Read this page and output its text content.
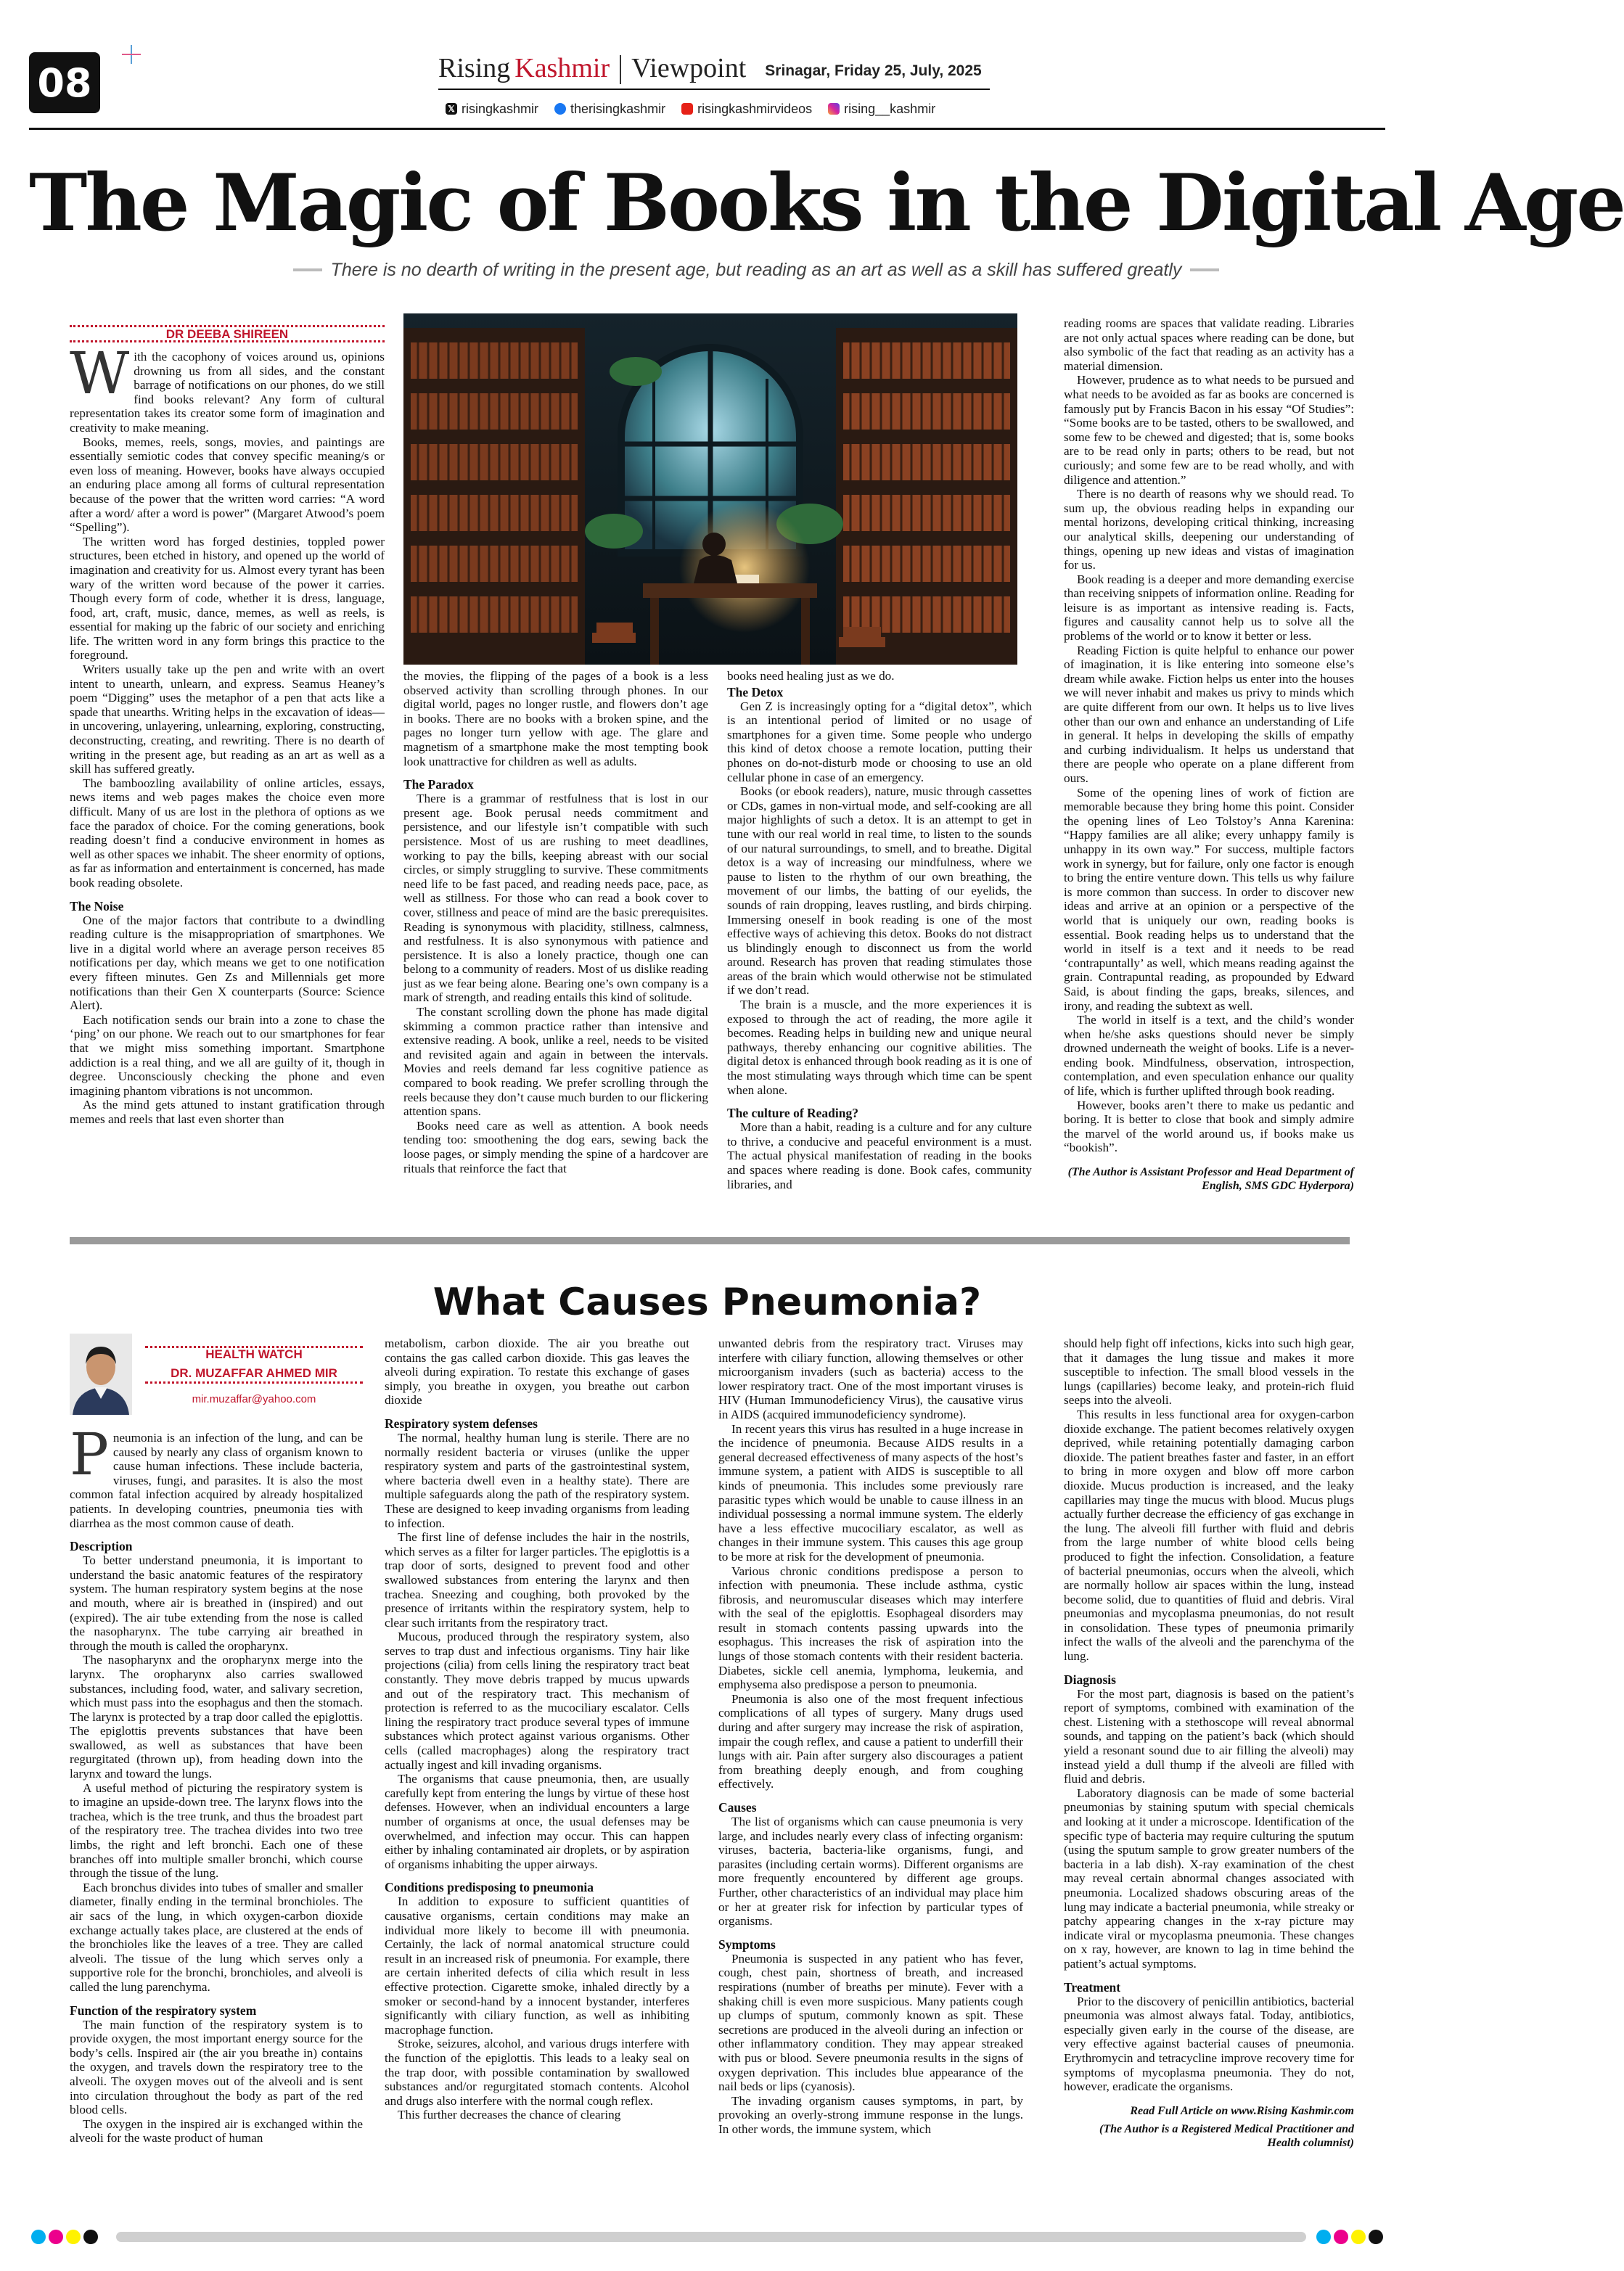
08	Rising Kashmir Viewpoint Srinagar, Friday 25, July, 2025
𝕏 risingkashmir therisingkashmir risingkashmirvideos rising__kashmir
The Magic of Books in the Digital Age
There is no dearth of writing in the present age, but reading as an art as well as a skill has suffered greatly
DR DEEBA SHIREEN

With the cacophony of voices around us, opinions drowning us from all sides, and the constant barrage of notifications on our phones, do we still find books relevant? Any form of cultural representation takes its creator some form of imagination and creativity to make meaning.

Books, memes, reels, songs, movies, and paintings are essentially semiotic codes that convey specific meaning/s or even loss of meaning. However, books have always occupied an enduring place among all forms of cultural representation because of the power that the written word carries: “A word after a word/ after a word is power” (Margaret Atwood’s poem “Spelling”).

The written word has forged destinies, toppled power structures, been etched in history, and opened up the world of imagination and creativity for us. Almost every tyrant has been wary of the written word because of the power it carries. Though every form of code, whether it is dress, language, food, art, craft, music, dance, memes, as well as reels, is essential for making up the fabric of our society and enriching life. The written word in any form brings this practice to the foreground.

Writers usually take up the pen and write with an overt intent to unearth, unlearn, and express. Seamus Heaney’s poem “Digging” uses the metaphor of a pen that acts like a spade that unearths. Writing helps in the excavation of ideas—in uncovering, unlayering, unlearning, exploring, constructing, deconstructing, creating, and rewriting. There is no dearth of writing in the present age, but reading as an art as well as a skill has suffered greatly.

The bamboozling availability of online articles, essays, news items and web pages makes the choice even more difficult. Many of us are lost in the plethora of options as we face the paradox of choice. For the coming generations, book reading doesn’t find a conducive environment in homes as well as other spaces we inhabit. The sheer enormity of options, as far as information and entertainment is concerned, has made book reading obsolete.

The Noise

One of the major factors that contribute to a dwindling reading culture is the misappropriation of smartphones. We live in a digital world where an average person receives 85 notifications per day, which means we get to one notification every fifteen minutes. Gen Zs and Millennials get more notifications than their Gen X counterparts (Source: Science Alert).

Each notification sends our brain into a zone to chase the ‘ping’ on our phone. We reach out to our smartphones for fear that we might miss something important. Smartphone addiction is a real thing, and we all are guilty of it, though in degree. Unconsciously checking the phone and even imagining phantom vibrations is not uncommon.

As the mind gets attuned to instant gratification through memes and reels that last even shorter than

the movies, the flipping of the pages of a book is a less observed activity than scrolling through phones. In our digital world, pages no longer rustle, and flowers don’t age in books. There are no books with a broken spine, and the pages no longer turn yellow with age. The glare and magnetism of a smartphone make the most tempting book look unattractive for children as well as adults.

The Paradox

There is a grammar of restfulness that is lost in our present age. Book perusal needs commitment and persistence, and our lifestyle isn’t compatible with such persistence. Most of us are rushing to meet deadlines, working to pay the bills, keeping abreast with our social circles, or simply struggling to survive. These commitments need life to be fast paced, and reading needs pace, pace, as well as stillness. For those who can read a book cover to cover, stillness and peace of mind are the basic prerequisites. Reading is synonymous with placidity, stillness, calmness, and restfulness. It is also synonymous with patience and persistence. It is also a lonely practice, though one can belong to a community of readers. Most of us dislike reading just as we fear being alone. Bearing one’s own company is a mark of strength, and reading entails this kind of solitude.

The constant scrolling down the phone has made digital skimming a common practice rather than intensive and extensive reading. A book, unlike a reel, needs to be visited and revisited again and again in between the intervals. Movies and reels demand far less cognitive patience as compared to book reading. We prefer scrolling through the reels because they don’t cause much burden to our flickering attention spans.

Books need care as well as attention. A book needs tending too: smoothening the dog ears, sewing back the loose pages, or simply mending the spine of a hardcover are rituals that reinforce the fact that

books need healing just as we do.

The Detox

Gen Z is increasingly opting for a “digital detox”, which is an intentional period of limited or no usage of smartphones for a given time. Some people who undergo this kind of detox choose a remote location, putting their phones on do-not-disturb mode or choosing to use an old cellular phone in case of an emergency.

Books (or ebook readers), nature, music through cassettes or CDs, games in non-virtual mode, and self-cooking are all major highlights of such a detox. It is an attempt to get in tune with our real world in real time, to listen to the sounds of our natural surroundings, to smell, and to breathe. Digital detox is a way of increasing our mindfulness, where we pause to listen to the rhythm of our own breathing, the movement of our limbs, the batting of our eyelids, the sounds of rain dropping, leaves rustling, and birds chirping. Immersing oneself in book reading is one of the most effective ways of achieving this detox. Books do not distract us blindingly enough to disconnect us from the world around. Research has proven that reading stimulates those areas of the brain which would otherwise not be stimulated if we don’t read.

The brain is a muscle, and the more experiences it is exposed to through the act of reading, the more agile it becomes. Reading helps in building new and unique neural pathways, thereby enhancing our cognitive abilities. The digital detox is enhanced through book reading as it is one of the most stimulating ways through which time can be spent when alone.

The culture of Reading?

More than a habit, reading is a culture and for any culture to thrive, a conducive and peaceful environment is a must. The actual physical manifestation of reading in the books and spaces where reading is done. Book cafes, community libraries, and

reading rooms are spaces that validate reading. Libraries are not only actual spaces where reading can be done, but also symbolic of the fact that reading as an activity has a material dimension.

However, prudence as to what needs to be pursued and what needs to be avoided as far as books are concerned is famously put by Francis Bacon in his essay “Of Studies”: “Some books are to be tasted, others to be swallowed, and some few to be chewed and digested; that is, some books are to be read only in parts; others to be read, but not curiously; and some few are to be read wholly, and with diligence and attention.”

There is no dearth of reasons why we should read. To sum up, the obvious reading helps in expanding our mental horizons, developing critical thinking, increasing our analytical skills, deepening our understanding of things, opening up new ideas and vistas of imagination for us.

Book reading is a deeper and more demanding exercise than receiving snippets of information online. Reading for leisure is as important as intensive reading is. Facts, figures and causality cannot help us to solve all the problems of the world or to know it better or less.

Reading Fiction is quite helpful to enhance our power of imagination, it is like entering into someone else’s dream while awake. Fiction helps us enter into the houses we will never inhabit and makes us privy to minds which are quite different from our own. It helps us to live lives other than our own and enhance an understanding of Life in general. It helps in developing the skills of empathy and curbing individualism. It helps us understand that there are people who operate on a plane different from ours.

Some of the opening lines of work of fiction are memorable because they bring home this point. Consider the opening lines of Leo Tolstoy’s Anna Karenina: “Happy families are all alike; every unhappy family is unhappy in its own way.” For success, multiple factors work in synergy, but for failure, only one factor is enough to bring the entire venture down. This tells us why failure is more common than success. In order to discover new ideas and arrive at an opinion or a perspective of the world that is uniquely our own, reading books is essential. Book reading helps us to understand that the world in itself is a text and it needs to be read ‘contrapuntally’ as well, which means reading against the grain. Contrapuntal reading, as propounded by Edward Said, is about finding the gaps, breaks, silences, and irony, and reading the subtext as well.

The world in itself is a text, and the child’s wonder when he/she asks questions should never be simply drowned underneath the weight of books. Life is a never-ending book. Mindfulness, observation, introspection, contemplation, and even speculation enhance our quality of life, which is further uplifted through book reading.

However, books aren’t there to make us pedantic and boring. It is better to close that book and simply admire the marvel of the world around us, if books make us “bookish”.

(The Author is Assistant Professor and Head Department of English, SMS GDC Hyderpora)
What Causes Pneumonia?
HEALTH WATCH
DR. MUZAFFAR AHMED MIR
mir.muzaffar@yahoo.com

Pneumonia is an infection of the lung, and can be caused by nearly any class of organism known to cause human infections. These include bacteria, viruses, fungi, and parasites. It is also the most common fatal infection acquired by already hospitalized patients. In developing countries, pneumonia ties with diarrhea as the most common cause of death.

Description

To better understand pneumonia, it is important to understand the basic anatomic features of the respiratory system. The human respiratory system begins at the nose and mouth, where air is breathed in (inspired) and out (expired). The air tube extending from the nose is called the nasopharynx. The tube carrying air breathed in through the mouth is called the oropharynx.

The nasopharynx and the oropharynx merge into the larynx. The oropharynx also carries swallowed substances, including food, water, and salivary secretion, which must pass into the esophagus and then the stomach. The larynx is protected by a trap door called the epiglottis. The epiglottis prevents substances that have been swallowed, as well as substances that have been regurgitated (thrown up), from heading down into the larynx and toward the lungs.

A useful method of picturing the respiratory system is to imagine an upside-down tree. The larynx flows into the trachea, which is the tree trunk, and thus the broadest part of the respiratory tree. The trachea divides into two tree limbs, the right and left bronchi. Each one of these branches off into multiple smaller bronchi, which course through the tissue of the lung.

Each bronchus divides into tubes of smaller and smaller diameter, finally ending in the terminal bronchioles. The air sacs of the lung, in which oxygen-carbon dioxide exchange actually takes place, are clustered at the ends of the bronchioles like the leaves of a tree. They are called alveoli. The tissue of the lung which serves only a supportive role for the bronchi, bronchioles, and alveoli is called the lung parenchyma.

Function of the respiratory system

The main function of the respiratory system is to provide oxygen, the most important energy source for the body’s cells. Inspired air (the air you breathe in) contains the oxygen, and travels down the respiratory tree to the alveoli. The oxygen moves out of the alveoli and is sent into circulation throughout the body as part of the red blood cells.

The oxygen in the inspired air is exchanged within the alveoli for the waste product of human

metabolism, carbon dioxide. The air you breathe out contains the gas called carbon dioxide. This gas leaves the alveoli during expiration. To restate this exchange of gases simply, you breathe in oxygen, you breathe out carbon dioxide

Respiratory system defenses

The normal, healthy human lung is sterile. There are no normally resident bacteria or viruses (unlike the upper respiratory system and parts of the gastrointestinal system, where bacteria dwell even in a healthy state). There are multiple safeguards along the path of the respiratory system. These are designed to keep invading organisms from leading to infection.

The first line of defense includes the hair in the nostrils, which serves as a filter for larger particles. The epiglottis is a trap door of sorts, designed to prevent food and other swallowed substances from entering the larynx and then trachea. Sneezing and coughing, both provoked by the presence of irritants within the respiratory system, help to clear such irritants from the respiratory tract.

Mucous, produced through the respiratory system, also serves to trap dust and infectious organisms. Tiny hair like projections (cilia) from cells lining the respiratory tract beat constantly. They move debris trapped by mucus upwards and out of the respiratory tract. This mechanism of protection is referred to as the mucociliary escalator. Cells lining the respiratory tract produce several types of immune substances which protect against various organisms. Other cells (called macrophages) along the respiratory tract actually ingest and kill invading organisms.

The organisms that cause pneumonia, then, are usually carefully kept from entering the lungs by virtue of these host defenses. However, when an individual encounters a large number of organisms at once, the usual defenses may be overwhelmed, and infection may occur. This can happen either by inhaling contaminated air droplets, or by aspiration of organisms inhabiting the upper airways.

Conditions predisposing to pneumonia

In addition to exposure to sufficient quantities of causative organisms, certain conditions may make an individual more likely to become ill with pneumonia. Certainly, the lack of normal anatomical structure could result in an increased risk of pneumonia. For example, there are certain inherited defects of cilia which result in less effective protection. Cigarette smoke, inhaled directly by a smoker or second-hand by a innocent bystander, interferes significantly with ciliary function, as well as inhibiting macrophage function.

Stroke, seizures, alcohol, and various drugs interfere with the function of the epiglottis. This leads to a leaky seal on the trap door, with possible contamination by swallowed substances and/or regurgitated stomach contents. Alcohol and drugs also interfere with the normal cough reflex.

This further decreases the chance of clearing

unwanted debris from the respiratory tract. Viruses may interfere with ciliary function, allowing themselves or other microorganism invaders (such as bacteria) access to the lower respiratory tract. One of the most important viruses is HIV (Human Immunodeficiency Virus), the causative virus in AIDS (acquired immunodeficiency syndrome).

In recent years this virus has resulted in a huge increase in the incidence of pneumonia. Because AIDS results in a general decreased effectiveness of many aspects of the host’s immune system, a patient with AIDS is susceptible to all kinds of pneumonia. This includes some previously rare parasitic types which would be unable to cause illness in an individual possessing a normal immune system. The elderly have a less effective mucociliary escalator, as well as changes in their immune system. This causes this age group to be more at risk for the development of pneumonia.

Various chronic conditions predispose a person to infection with pneumonia. These include asthma, cystic fibrosis, and neuromuscular diseases which may interfere with the seal of the epiglottis. Esophageal disorders may result in stomach contents passing upwards into the esophagus. This increases the risk of aspiration into the lungs of those stomach contents with their resident bacteria. Diabetes, sickle cell anemia, lymphoma, leukemia, and emphysema also predispose a person to pneumonia.

Pneumonia is also one of the most frequent infectious complications of all types of surgery. Many drugs used during and after surgery may increase the risk of aspiration, impair the cough reflex, and cause a patient to underfill their lungs with air. Pain after surgery also discourages a patient from breathing deeply enough, and from coughing effectively.

Causes

The list of organisms which can cause pneumonia is very large, and includes nearly every class of infecting organism: viruses, bacteria, bacteria-like organisms, fungi, and parasites (including certain worms). Different organisms are more frequently encountered by different age groups. Further, other characteristics of an individual may place him or her at greater risk for infection by particular types of organisms.

Symptoms

Pneumonia is suspected in any patient who has fever, cough, chest pain, shortness of breath, and increased respirations (number of breaths per minute). Fever with a shaking chill is even more suspicious. Many patients cough up clumps of sputum, commonly known as spit. These secretions are produced in the alveoli during an infection or other inflammatory condition. They may appear streaked with pus or blood. Severe pneumonia results in the signs of oxygen deprivation. This includes blue appearance of the nail beds or lips (cyanosis).

The invading organism causes symptoms, in part, by provoking an overly-strong immune response in the lungs. In other words, the immune system, which

should help fight off infections, kicks into such high gear, that it damages the lung tissue and makes it more susceptible to infection. The small blood vessels in the lungs (capillaries) become leaky, and protein-rich fluid seeps into the alveoli.

This results in less functional area for oxygen-carbon dioxide exchange. The patient becomes relatively oxygen deprived, while retaining potentially damaging carbon dioxide. The patient breathes faster and faster, in an effort to bring in more oxygen and blow off more carbon dioxide. Mucus production is increased, and the leaky capillaries may tinge the mucus with blood. Mucus plugs actually further decrease the efficiency of gas exchange in the lung. The alveoli fill further with fluid and debris from the large number of white blood cells being produced to fight the infection. Consolidation, a feature of bacterial pneumonias, occurs when the alveoli, which are normally hollow air spaces within the lung, instead become solid, due to quantities of fluid and debris. Viral pneumonias and mycoplasma pneumonias, do not result in consolidation. These types of pneumonia primarily infect the walls of the alveoli and the parenchyma of the lung.

Diagnosis

For the most part, diagnosis is based on the patient’s report of symptoms, combined with examination of the chest. Listening with a stethoscope will reveal abnormal sounds, and tapping on the patient’s back (which should yield a resonant sound due to air filling the alveoli) may instead yield a dull thump if the alveoli are filled with fluid and debris.

Laboratory diagnosis can be made of some bacterial pneumonias by staining sputum with special chemicals and looking at it under a microscope. Identification of the specific type of bacteria may require culturing the sputum (using the sputum sample to grow greater numbers of the bacteria in a lab dish). X-ray examination of the chest may reveal certain abnormal changes associated with pneumonia. Localized shadows obscuring areas of the lung may indicate a bacterial pneumonia, while streaky or patchy appearing changes in the x-ray picture may indicate viral or mycoplasma pneumonia. These changes on x ray, however, are known to lag in time behind the patient’s actual symptoms.

Treatment

Prior to the discovery of penicillin antibiotics, bacterial pneumonia was almost always fatal. Today, antibiotics, especially given early in the course of the disease, are very effective against bacterial causes of pneumonia. Erythromycin and tetracycline improve recovery time for symptoms of mycoplasma pneumonia. They do not, however, eradicate the organisms.

Read Full Article on www.Rising Kashmir.com
(The Author is a Registered Medical Practitioner and Health columnist)
